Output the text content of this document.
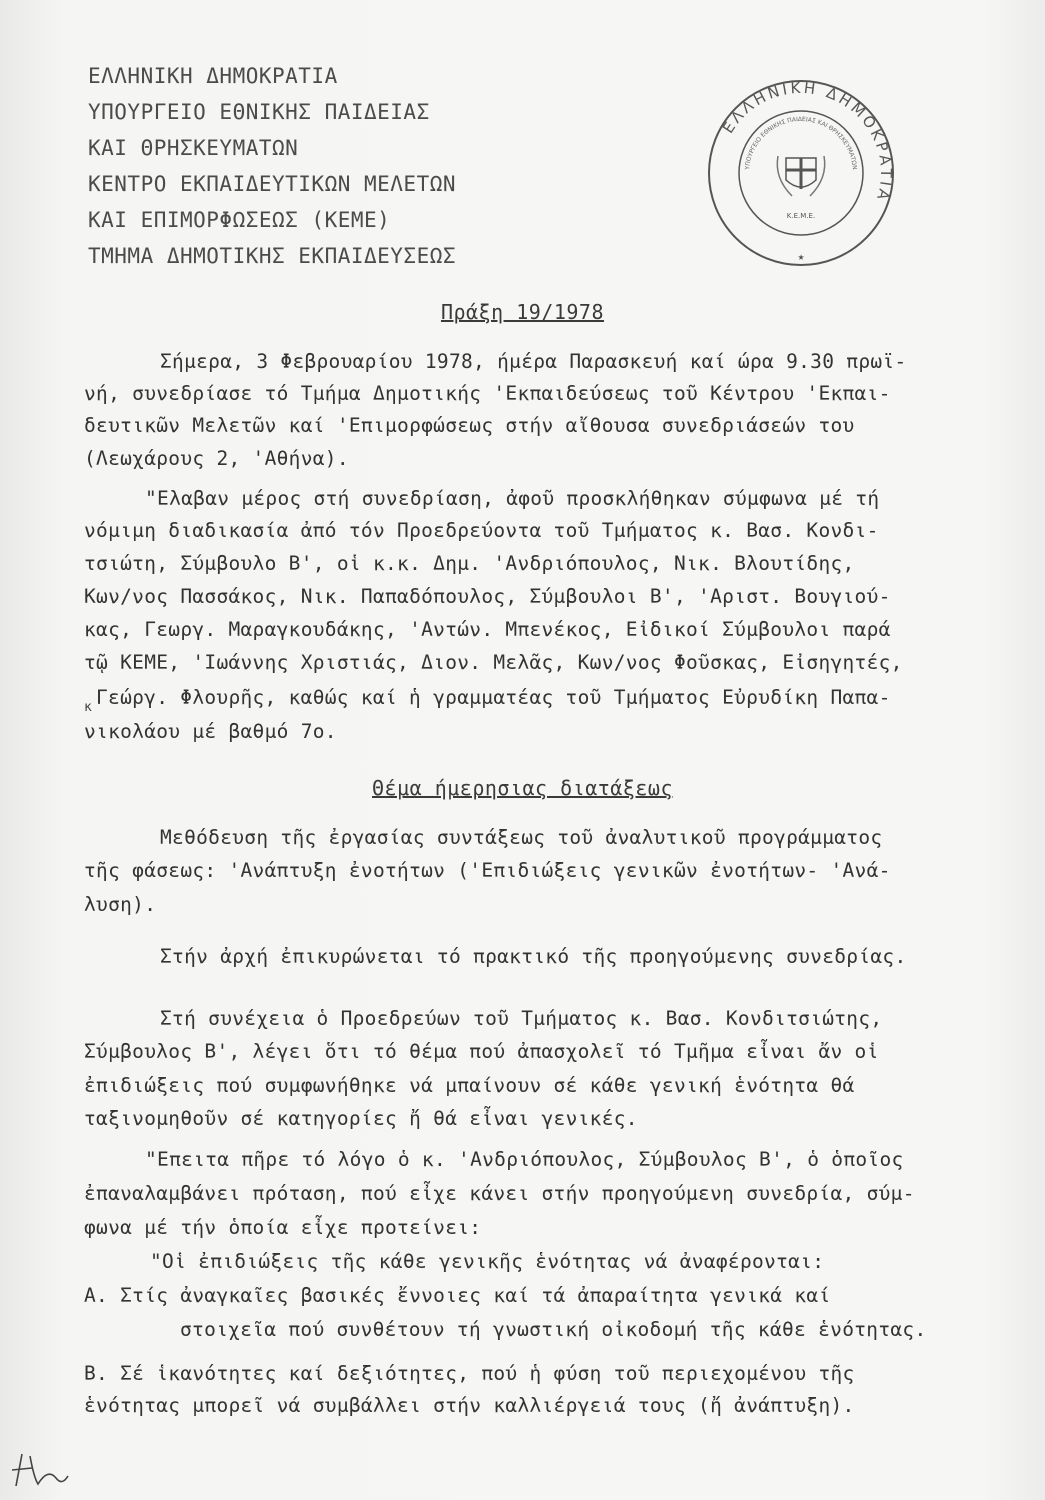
ΕΛΛΗΝΙΚΗ ΔΗΜΟΚΡΑΤΙΑ
ΥΠΟΥΡΓΕΙΟ ΕΘΝΙΚΗΣ ΠΑΙΔΕΙΑΣ
ΚΑΙ ΘΡΗΣΚΕΥΜΑΤΩΝ
ΚΕΝΤΡΟ ΕΚΠΑΙΔΕΥΤΙΚΩΝ ΜΕΛΕΤΩΝ
ΚΑΙ ΕΠΙΜΟΡΦΩΣΕΩΣ (ΚΕΜΕ)
ΤΜΗΜΑ ΔΗΜΟΤΙΚΗΣ ΕΚΠΑΙΔΕΥΣΕΩΣ
ΕΛΛΗΝΙΚΗ ΔΗΜΟΚΡΑΤΙΑ
ΥΠΟΥΡΓΕΙΟ ΕΘΝΙΚΗΣ ΠΑΙΔΕΙΑΣ ΚΑΙ ΘΡΗΣΚΕΥΜΑΤΩΝ
Κ.Ε.Μ.Ε.
★
Πράξη 19/1978
Σήμερα, 3 Φεβρουαρίου 1978, ήμέρα Παρασκευή καί ώρα 9.30 πρωϊ-
νή, συνεδρίασε τό Τμήμα Δημοτικής 'Εκπαιδεύσεως τοῦ Κέντρου 'Εκπαι-
δευτικῶν Μελετῶν καί 'Επιμορφώσεως στήν αἴθουσα συνεδριάσεών του
(Λεωχάρους 2, 'Αθήνα).
"Ελαβαν μέρος στή συνεδρίαση, ἀφοῦ προσκλήθηκαν σύμφωνα μέ τή
νόμιμη διαδικασία ἀπό τόν Προεδρεύοντα τοῦ Τμήματος κ. Βασ. Κονδι-
τσιώτη, Σύμβουλο Β', οἱ κ.κ. Δημ. 'Ανδριόπουλος, Νικ. Βλουτίδης,
Κων/νος Πασσάκος, Νικ. Παπαδόπουλος, Σύμβουλοι Β', 'Αριστ. Βουγιού-
κας, Γεωργ. Μαραγκουδάκης, 'Αντών. Μπενέκος, Εἰδικοί Σύμβουλοι παρά
τῷ ΚΕΜΕ, 'Ιωάννης Χριστιάς, Διον. Μελᾶς, Κων/νος Φοῦσκας, Εἰσηγητές,
κ Γεώργ. Φλουρῆς, καθώς καί ἡ γραμματέας τοῦ Τμήματος Εὐρυδίκη Παπα-
νικολάου μέ βαθμό 7ο.
Θέμα ήμερησιας διατάξεως
Μεθόδευση τῆς ἐργασίας συντάξεως τοῦ ἀναλυτικοῦ προγράμματος
τῆς φάσεως: 'Ανάπτυξη ἐνοτήτων ('Επιδιώξεις γενικῶν ἐνοτήτων- 'Ανά-
λυση).
Στήν ἀρχή ἐπικυρώνεται τό πρακτικό τῆς προηγούμενης συνεδρίας.
Στή συνέχεια ὁ Προεδρεύων τοῦ Τμήματος κ. Βασ. Κονδιτσιώτης,
Σύμβουλος Β', λέγει ὅτι τό θέμα πού ἀπασχολεῖ τό Τμῆμα εἶναι ἄν οἱ
ἐπιδιώξεις πού συμφωνήθηκε νά μπαίνουν σέ κάθε γενική ἑνότητα θά
ταξινομηθοῦν σέ κατηγορίες ἤ θά εἶναι γενικές.
"Επειτα πῆρε τό λόγο ὁ κ. 'Ανδριόπουλος, Σύμβουλος Β', ὁ ὁποῖος
ἐπαναλαμβάνει πρόταση, πού εἶχε κάνει στήν προηγούμενη συνεδρία, σύμ-
φωνα μέ τήν ὁποία εἶχε προτείνει:
"Οἱ ἐπιδιώξεις τῆς κάθε γενικῆς ἑνότητας νά ἀναφέρονται:
Α. Στίς ἀναγκαῖες βασικές ἔννοιες καί τά ἀπαραίτητα γενικά καί
στοιχεῖα πού συνθέτουν τή γνωστική οἰκοδομή τῆς κάθε ἑνότητας.
Β. Σέ ἱκανότητες καί δεξιότητες, πού ἡ φύση τοῦ περιεχομένου τῆς
ἑνότητας μπορεῖ νά συμβάλλει στήν καλλιέργειά τους (ἤ ἀνάπτυξη).
